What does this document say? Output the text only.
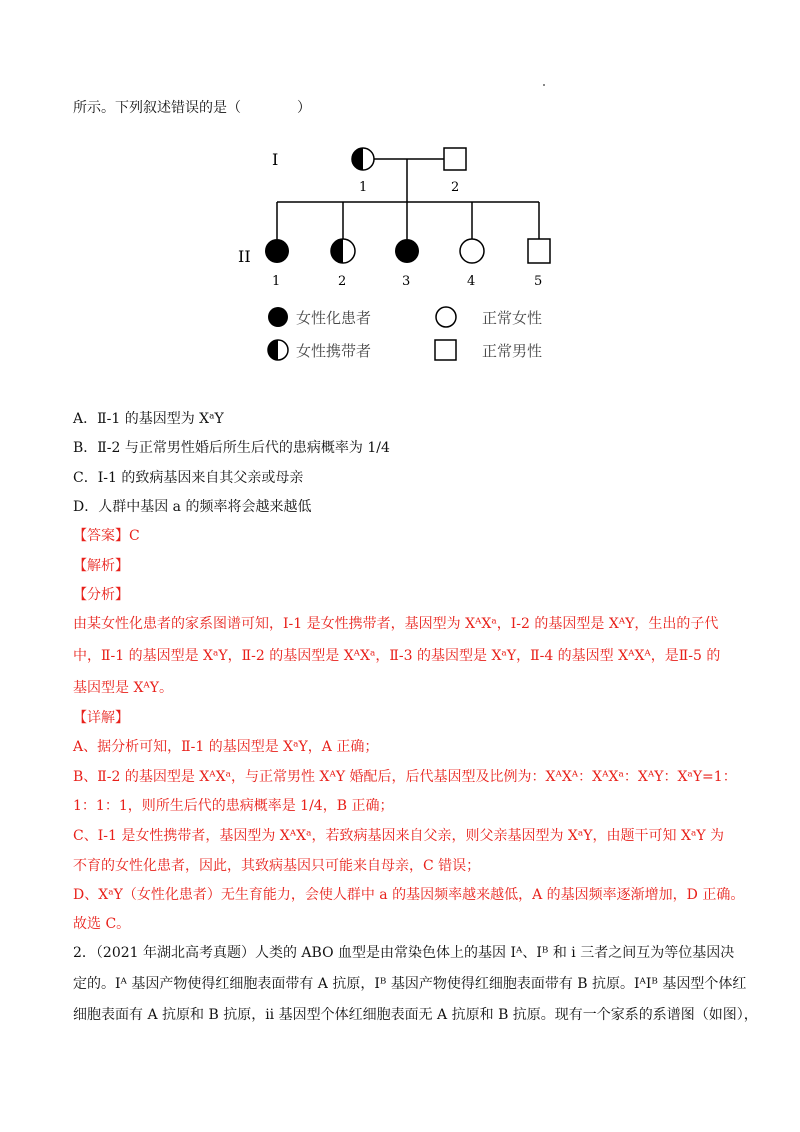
所示。下列叙述错误的是（　　　　）
I
II
1	2
1	2	3	4	5
女性化患者	正常女性
女性携带者	正常男性
A．Ⅱ-1 的基因型为 XᵃY
B．Ⅱ-2 与正常男性婚后所生后代的患病概率为 1/4
C．I-1 的致病基因来自其父亲或母亲
D．人群中基因 a 的频率将会越来越低
【答案】C
【解析】
【分析】
由某女性化患者的家系图谱可知，Ⅰ-1 是女性携带者，基因型为 XᴬXᵃ，Ⅰ-2 的基因型是 XᴬY，生出的子代
中，Ⅱ-1 的基因型是 XᵃY，Ⅱ-2 的基因型是 XᴬXᵃ，Ⅱ-3 的基因型是 XᵃY，Ⅱ-4 的基因型 XᴬXᴬ，是Ⅱ-5 的
基因型是 XᴬY。
【详解】
A、据分析可知，Ⅱ-1 的基因型是 XᵃY，A 正确；
B、Ⅱ-2 的基因型是 XᴬXᵃ，与正常男性 XᴬY 婚配后，后代基因型及比例为：XᴬXᴬ：XᴬXᵃ：XᴬY：XᵃY=1：
1：1：1，则所生后代的患病概率是 1/4，B 正确；
C、Ⅰ-1 是女性携带者，基因型为 XᴬXᵃ，若致病基因来自父亲，则父亲基因型为 XᵃY，由题干可知 XᵃY 为
不育的女性化患者，因此，其致病基因只可能来自母亲，C 错误；
D、XᵃY（女性化患者）无生育能力，会使人群中 a 的基因频率越来越低，A 的基因频率逐渐增加，D 正确。
故选 C。
2．（2021 年湖北高考真题）人类的 ABO 血型是由常染色体上的基因 Iᴬ、Iᴮ 和 i 三者之间互为等位基因决
定的。Iᴬ 基因产物使得红细胞表面带有 A 抗原，Iᴮ 基因产物使得红细胞表面带有 B 抗原。IᴬIᴮ 基因型个体红
细胞表面有 A 抗原和 B 抗原，ii 基因型个体红细胞表面无 A 抗原和 B 抗原。现有一个家系的系谱图（如图），
